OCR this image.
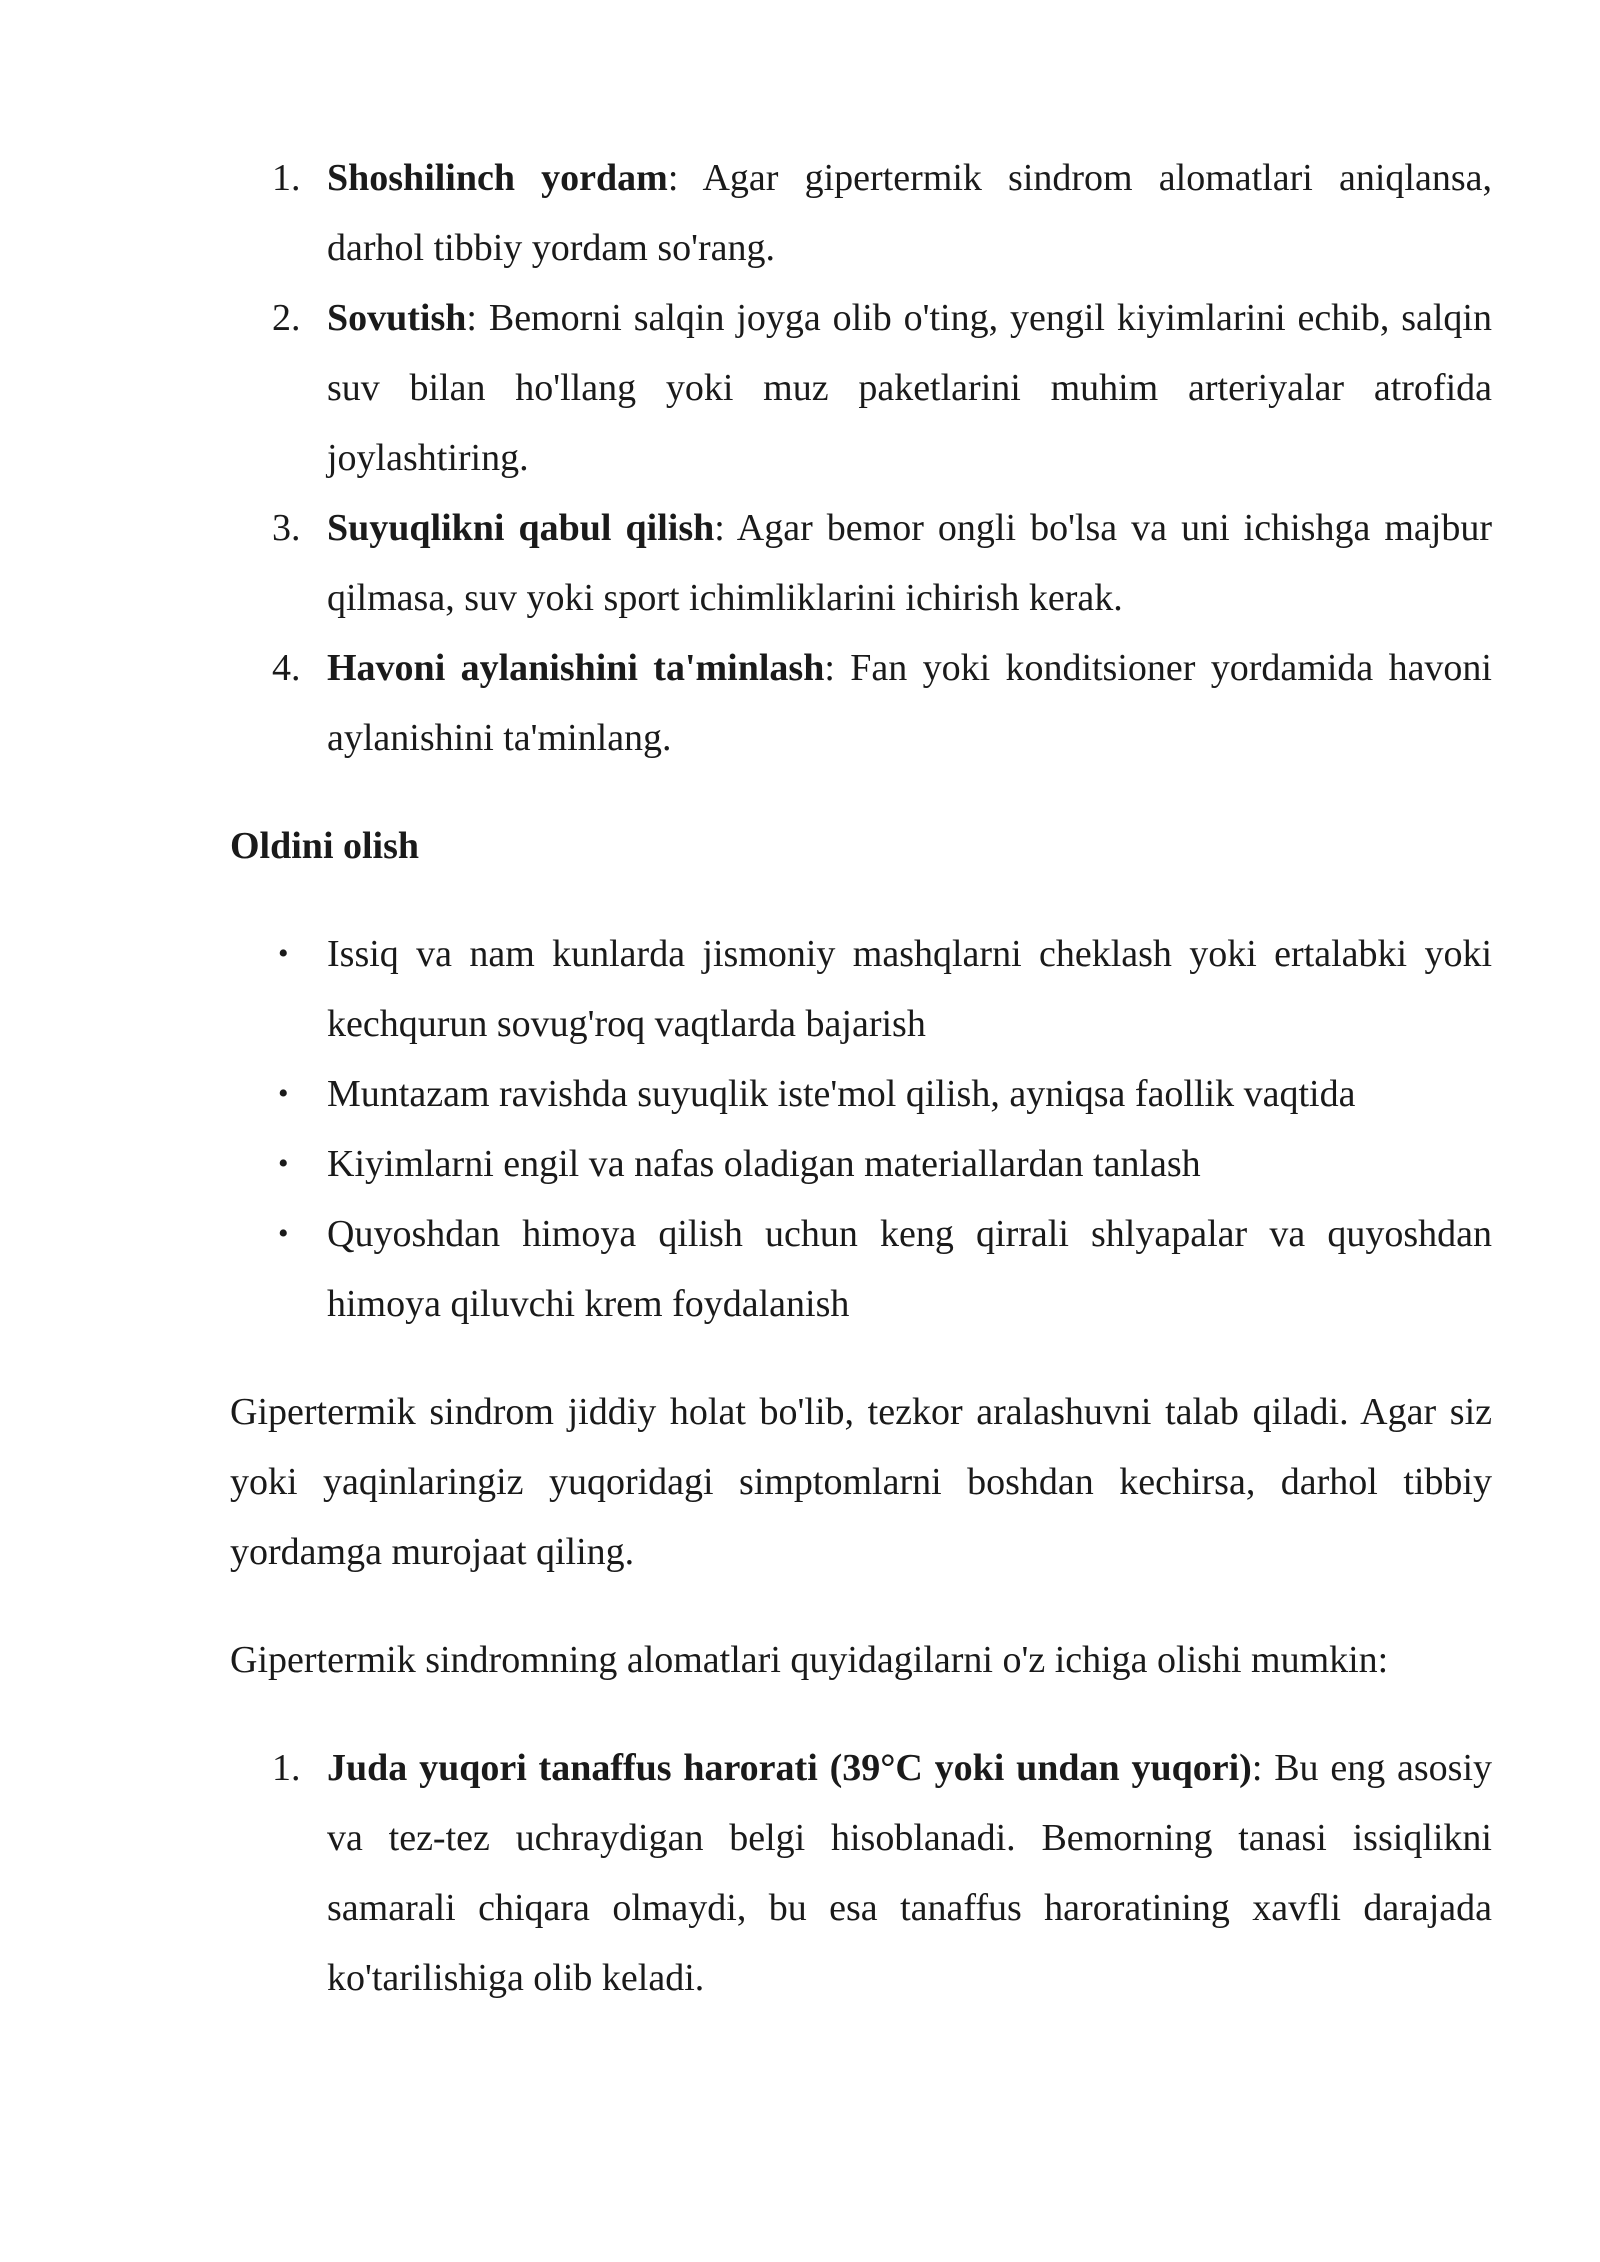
1. Shoshilinch yordam: Agar gipertermik sindrom alomatlari aniqlansa, darhol tibbiy yordam so'rang.
2. Sovutish: Bemorni salqin joyga olib o'ting, yengil kiyimlarini echib, salqin suv bilan ho'llang yoki muz paketlarini muhim arteriyalar atrofida joylashtiring.
3. Suyuqlikni qabul qilish: Agar bemor ongli bo'lsa va uni ichishga majbur qilmasa, suv yoki sport ichimliklarini ichirish kerak.
4. Havoni aylanishini ta'minlash: Fan yoki konditsioner yordamida havoni aylanishini ta'minlang.
Oldini olish
• Issiq va nam kunlarda jismoniy mashqlarni cheklash yoki ertalabki yoki kechqurun sovug'roq vaqtlarda bajarish
• Muntazam ravishda suyuqlik iste'mol qilish, ayniqsa faollik vaqtida
• Kiyimlarni engil va nafas oladigan materiallardan tanlash
• Quyoshdan himoya qilish uchun keng qirrali shlyapalar va quyoshdan himoya qiluvchi krem foydalanish

Gipertermik sindrom jiddiy holat bo'lib, tezkor aralashuvni talab qiladi. Agar siz yoki yaqinlaringiz yuqoridagi simptomlarni boshdan kechirsa, darhol tibbiy yordamga murojaat qiling.

Gipertermik sindromning alomatlari quyidagilarni o'z ichiga olishi mumkin:

1. Juda yuqori tanaffus harorati (39°C yoki undan yuqori): Bu eng asosiy va tez-tez uchraydigan belgi hisoblanadi. Bemorning tanasi issiqlikni samarali chiqara olmaydi, bu esa tanaffus haroratining xavfli darajada ko'tarilishiga olib keladi.
